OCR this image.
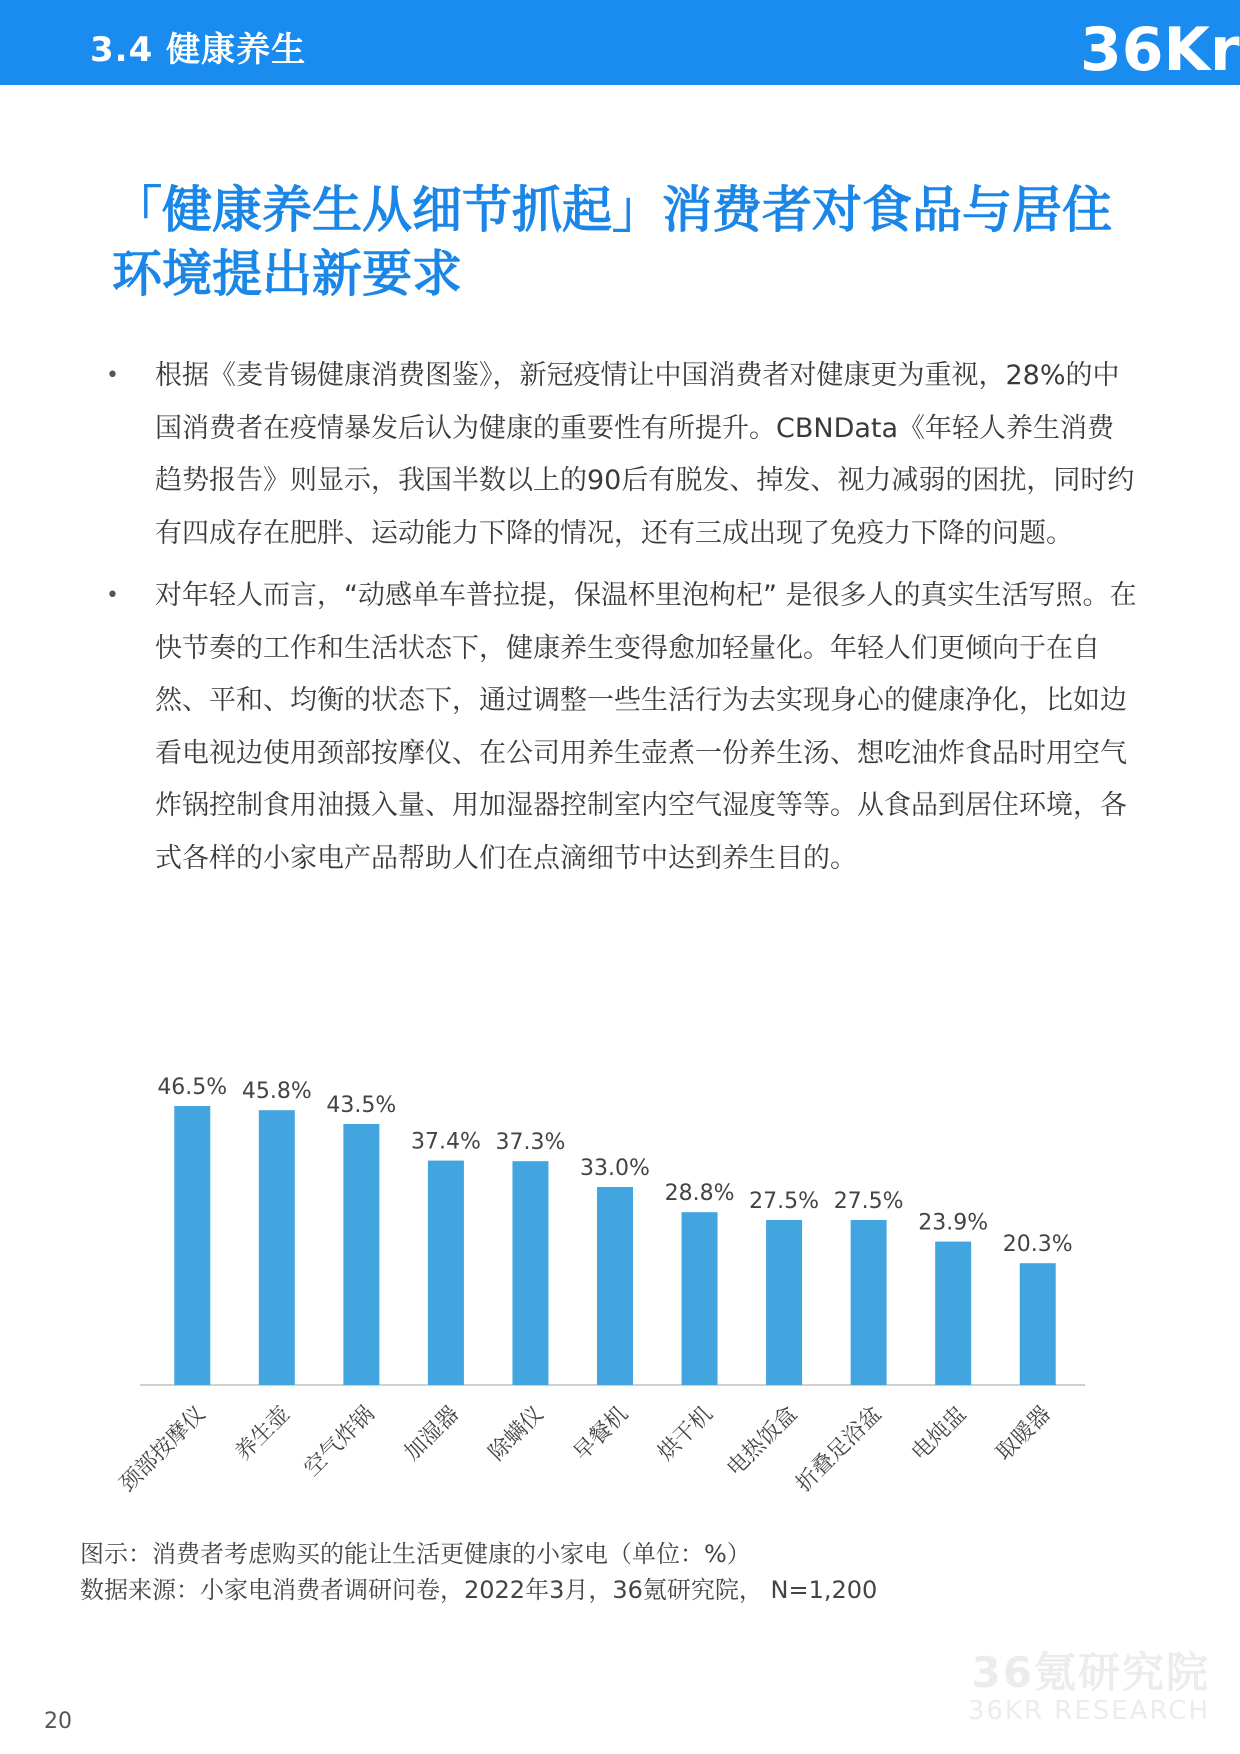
3.4 健康养生	36Kr
「健康养生从细节抓起」消费者对食品与居住
环境提出新要求
• 根据《麦肯锡健康消费图鉴》，新冠疫情让中国消费者对健康更为重视，28%的中国消费者在疫情暴发后认为健康的重要性有所提升。CBNData《年轻人养生消费趋势报告》则显示，我国半数以上的90后有脱发、掉发、视力减弱的困扰，同时约有四成存在肥胖、运动能力下降的情况，还有三成出现了免疫力下降的问题。
• 对年轻人而言，“动感单车普拉提，保温杯里泡枸杞” 是很多人的真实生活写照。在快节奏的工作和生活状态下，健康养生变得愈加轻量化。年轻人们更倾向于在自然、平和、均衡的状态下，通过调整一些生活行为去实现身心的健康净化，比如边看电视边使用颈部按摩仪、在公司用养生壶煮一份养生汤、想吃油炸食品时用空气炸锅控制食用油摄入量、用加湿器控制室内空气湿度等等。从食品到居住环境，各式各样的小家电产品帮助人们在点滴细节中达到养生目的。
46.5%
颈部按摩仪
45.8%
养生壶
43.5%
空气炸锅
37.4%
加湿器
37.3%
除螨仪
33.0%
早餐机
28.8%
烘干机
27.5%
电热饭盒
27.5%
折叠足浴盆
23.9%
电炖盅
20.3%
取暖器
图示：消费者考虑购买的能让生活更健康的小家电（单位：%）
数据来源：小家电消费者调研问卷，2022年3月，36氪研究院， N=1,200
36氪研究院
36KR RESEARCH
20
